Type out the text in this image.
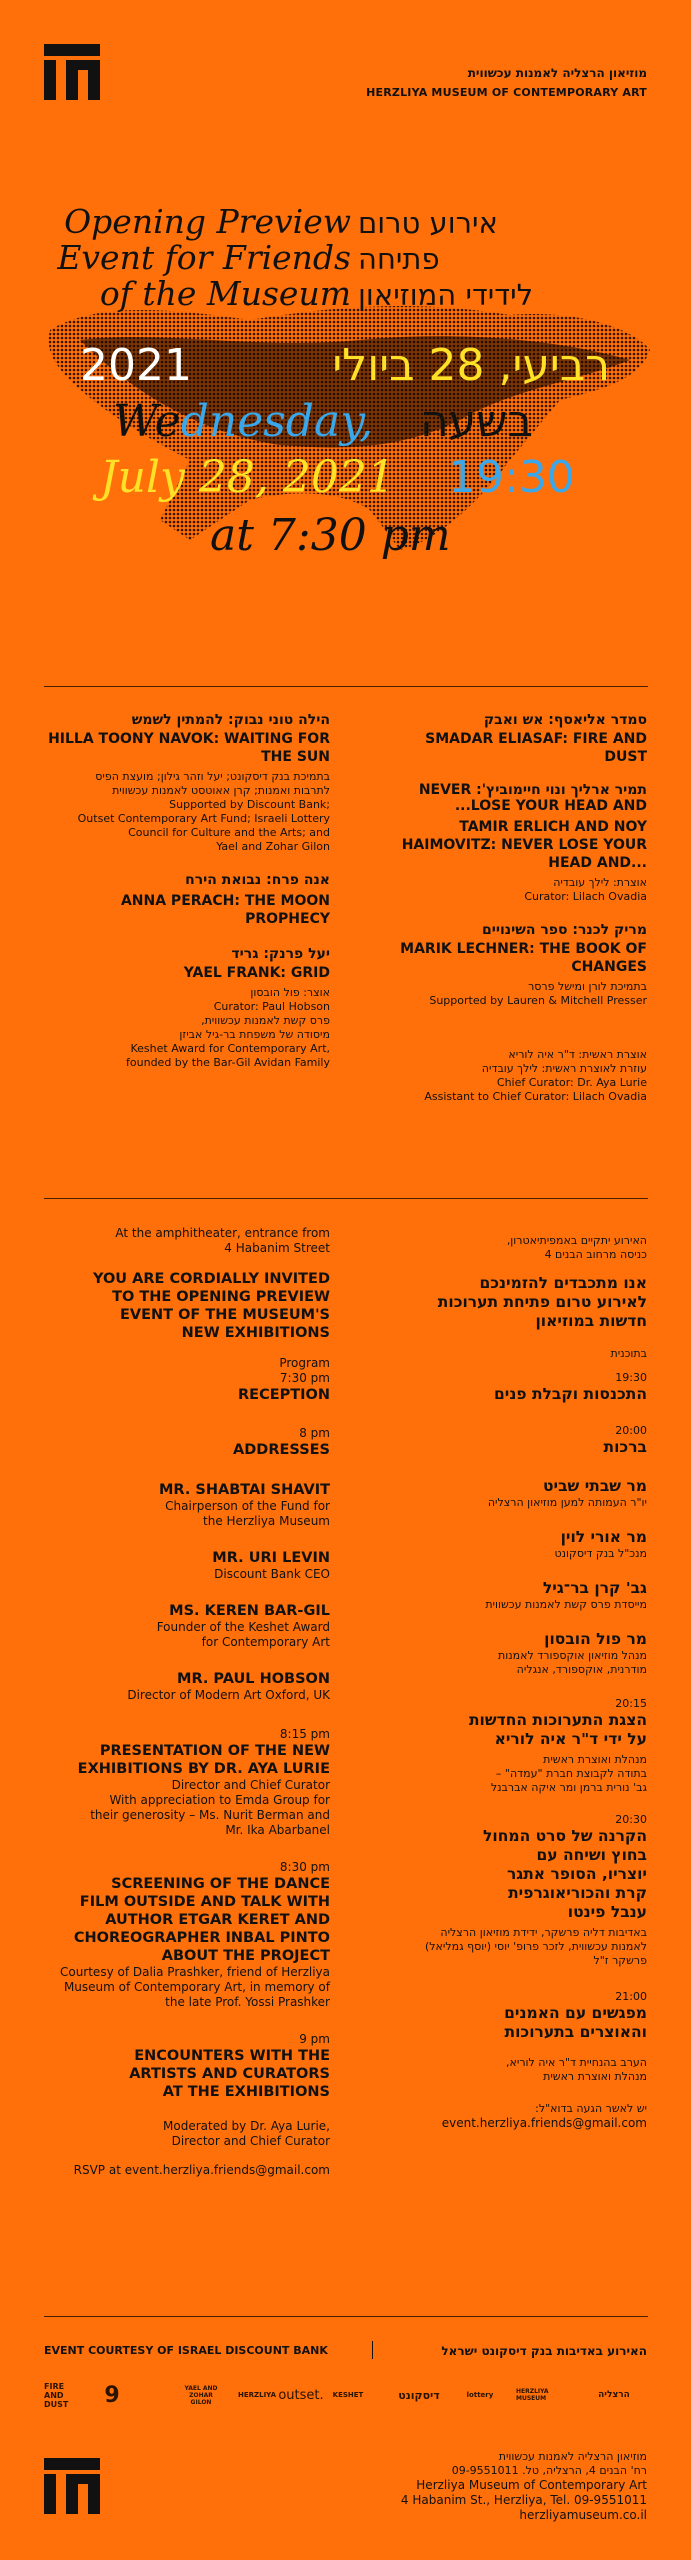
מוזיאון הרצליה לאמנות עכשווית
HERZLIYA MUSEUM OF CONTEMPORARY ART
Opening Preview
Event for Friends
of the Museum
אירוע טרום
פתיחה
לידידי המוזיאון
2021	רביעי, 28 ביולי
Wednesday, בשעה
July 28, 2021 19:30
at 7:30 pm
הילה טוני נבוק: להמתין לשמש
HILLA TOONY NAVOK: WAITING FOR THE SUN
בתמיכת בנק דיסקונט; יעל וזהר גילון; מועצת הפיס
לתרבות ואמנות; קרן אאוטסט לאמנות עכשווית
Supported by Discount Bank;
Outset Contemporary Art Fund; Israeli Lottery
Council for Culture and the Arts; and
Yael and Zohar Gilon
אנה פרח: נבואת הירח
ANNA PERACH: THE MOON PROPHECY
יעל פרנק: גריד
YAEL FRANK: GRID
אוצר: פול הובסון
Curator: Paul Hobson
פרס קשת לאמנות עכשווית,
מיסודה של משפחת בר-גיל אביזן
Keshet Award for Contemporary Art,
founded by the Bar-Gil Avidan Family
סמדר אליאסף: אש ואבק
SMADAR ELIASAF: FIRE AND DUST
תמיר ארליך ונוי חיימוביץ': NEVER LOSE YOUR HEAD AND...
TAMIR ERLICH AND NOY HAIMOVITZ: NEVER LOSE YOUR HEAD AND...
אוצרת: לילך עובדיה
Curator: Lilach Ovadia
מריק לכנר: ספר השינויים
MARIK LECHNER: THE BOOK OF CHANGES
בתמיכת לורן ומישל פרסר
Supported by Lauren & Mitchell Presser
אוצרת ראשית: ד"ר איה לוריא
עוזרת לאוצרת ראשית: לילך עובדיה
Chief Curator: Dr. Aya Lurie
Assistant to Chief Curator: Lilach Ovadia
At the amphitheater, entrance from
4 Habanim Street
YOU ARE CORDIALLY INVITED
TO THE OPENING PREVIEW
EVENT OF THE MUSEUM'S
NEW EXHIBITIONS
Program
7:30 pm
RECEPTION
8 pm
ADDRESSES
MR. SHABTAI SHAVIT
Chairperson of the Fund for
the Herzliya Museum
MR. URI LEVIN
Discount Bank CEO
MS. KEREN BAR-GIL
Founder of the Keshet Award
for Contemporary Art
MR. PAUL HOBSON
Director of Modern Art Oxford, UK
8:15 pm
PRESENTATION OF THE NEW
EXHIBITIONS BY DR. AYA LURIE
Director and Chief Curator
With appreciation to Emda Group for
their generosity – Ms. Nurit Berman and
Mr. Ika Abarbanel
8:30 pm
SCREENING OF THE DANCE
FILM OUTSIDE AND TALK WITH
AUTHOR ETGAR KERET AND
CHOREOGRAPHER INBAL PINTO
ABOUT THE PROJECT
Courtesy of Dalia Prashker, friend of Herzliya
Museum of Contemporary Art, in memory of
the late Prof. Yossi Prashker
9 pm
ENCOUNTERS WITH THE
ARTISTS AND CURATORS
AT THE EXHIBITIONS
Moderated by Dr. Aya Lurie,
Director and Chief Curator
RSVP at event.herzliya.friends@gmail.com
האירוע יתקיים באמפיתיאטרון,
כניסה מרחוב הבנים 4
אנו מתכבדים להזמינכם
לאירוע טרום פתיחת תערוכות
חדשות במוזיאון
בתוכנית
19:30
התכנסות וקבלת פנים
20:00
ברכות
מר שבתי שביט
יו"ר העמותה למען מוזיאון הרצליה
מר אורי לוין
מנכ"ל בנק דיסקונט
גב' קרן בר־גיל
מייסדת פרס קשת לאמנות עכשווית
מר פול הובסון
מנהל מוזיאון אוקספורד לאמנות
מודרנית, אוקספורד, אנגליה
20:15
הצגת התערוכות החדשות
על ידי ד"ר איה לוריא
מנהלת ואוצרת ראשית
בתודה לקבוצת חברת "עמדה" –
גב' נורית ברמן ומר איקה אברבנל
20:30
הקרנה של סרט המחול
בחוץ ושיחה עם
יוצריו, הסופר אתגר
קרת והכוריאוגרפית
ענבל פינטו
באדיבות דליה פרשקר, ידידת מוזיאון הרצליה
לאמנות עכשווית, לזכר פרופ' יוסי (יוסף גמליאל)
פרשקר ז"ל
21:00
מפגשים עם האמנים
והאוצרים בתערוכות
הערב בהנחיית ד"ר איה לוריא,
מנהלת ואוצרת ראשית
יש לאשר הגעה בדוא"ל:
event.herzliya.friends@gmail.com
EVENT COURTESY OF ISRAEL DISCOUNT BANK	האירוע באדיבות בנק דיסקונט ישראל
FIRE AND DUST	9	YAEL AND ZOHAR GILON
HERZLIYA outset.	KESHET	דיסקונט	lottery	HERZLIYA MUSEUM	הרצליה
מוזיאון הרצליה לאמנות עכשווית
רח' הבנים 4, הרצליה, טל. 09-9551011
Herzliya Museum of Contemporary Art
4 Habanim St., Herzliya, Tel. 09-9551011
herzliyamuseum.co.il
